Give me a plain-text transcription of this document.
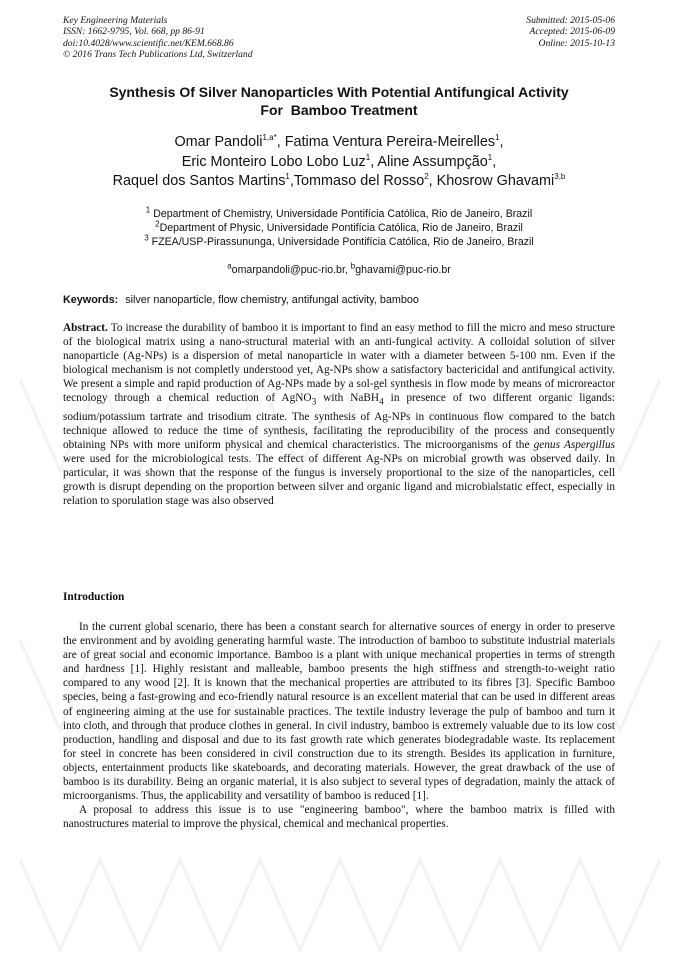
Key Engineering Materials
ISSN: 1662-9795, Vol. 668, pp 86-91
doi:10.4028/www.scientific.net/KEM.668.86
© 2016 Trans Tech Publications Ltd, Switzerland
Submitted: 2015-05-06
Accepted: 2015-06-09
Online: 2015-10-13
Synthesis Of Silver Nanoparticles With Potential Antifungical Activity
For  Bamboo Treatment
Omar Pandoli$^{1,a*}$, Fatima Ventura Pereira-Meirelles$^1$,
Eric Monteiro Lobo Lobo Luz$^1$, Aline Assumpção$^1$,
Raquel dos Santos Martins$^1$,Tommaso del Rosso$^2$, Khosrow Ghavami$^{3,b}$
$^1$ Department of Chemistry, Universidade Pontifícia Católica, Rio de Janeiro, Brazil
$^2$Department of Physic, Universidade Pontifícia Católica, Rio de Janeiro, Brazil
$^3$ FZEA/USP-Pirassununga, Universidade Pontifícia Católica, Rio de Janeiro, Brazil
$^a$omarpandoli@puc-rio.br, $^b$ghavami@puc-rio.br
Keywords: silver nanoparticle, flow chemistry, antifungal activity, bamboo
Abstract. To increase the durability of bamboo it is important to find an easy method to fill the micro and meso structure of the biological matrix using a nano-structural material with an anti-fungical activity. A colloidal solution of silver nanoparticle (Ag-NPs) is a dispersion of metal nanoparticle in water with a diameter between 5-100 nm. Even if the biological mechanism is not completly understood yet, Ag-NPs show a satisfactory bactericidal and antifungical activity. We present a simple and rapid production of Ag-NPs made by a sol-gel synthesis in flow mode by means of microreactor tecnology through a chemical reduction of AgNO$_3$ with NaBH$_4$ in presence of two different organic ligands: sodium/potassium tartrate and trisodium citrate. The synthesis of Ag-NPs in continuous flow compared to the batch technique allowed to reduce the time of synthesis, facilitating the reproducibility of the process and consequently obtaining NPs with more uniform physical and chemical characteristics. The microorganisms of the genus Aspergillus were used for the microbiological tests. The effect of different Ag-NPs on microbial growth was observed daily. In particular, it was shown that the response of the fungus is inversely proportional to the size of the nanoparticles, cell growth is disrupt depending on the proportion between silver and organic ligand and microbialstatic effect, especially in relation to sporulation stage was also observed
Introduction

In the current global scenario, there has been a constant search for alternative sources of energy in order to preserve the environment and by avoiding generating harmful waste. The introduction of bamboo to substitute industrial materials are of great social and economic importance. Bamboo is a plant with unique mechanical properties in terms of strength and hardness [1]. Highly resistant and malleable, bamboo presents the high stiffness and strength-to-weight ratio compared to any wood [2]. It is known that the mechanical properties are attributed to its fibres [3]. Specific Bamboo species, being a fast-growing and eco-friendly natural resource is an excellent material that can be used in different areas of engineering aiming at the use for sustainable practices. The textile industry leverage the pulp of bamboo and turn it into cloth, and through that produce clothes in general. In civil industry, bamboo is extremely valuable due to its low cost production, handling and disposal and due to its fast growth rate which generates biodegradable waste. Its replacement for steel in concrete has been considered in civil construction due to its strength. Besides its application in furniture, objects, entertainment products like skateboards, and decorating materials. However, the great drawback of the use of bamboo is its durability. Being an organic material, it is also subject to several types of degradation, mainly the attack of microorganisms. Thus, the applicability and versatility of bamboo is reduced [1].

A proposal to address this issue is to use "engineering bamboo", where the bamboo matrix is filled with nanostructures material to improve the physical, chemical and mechanical properties.
